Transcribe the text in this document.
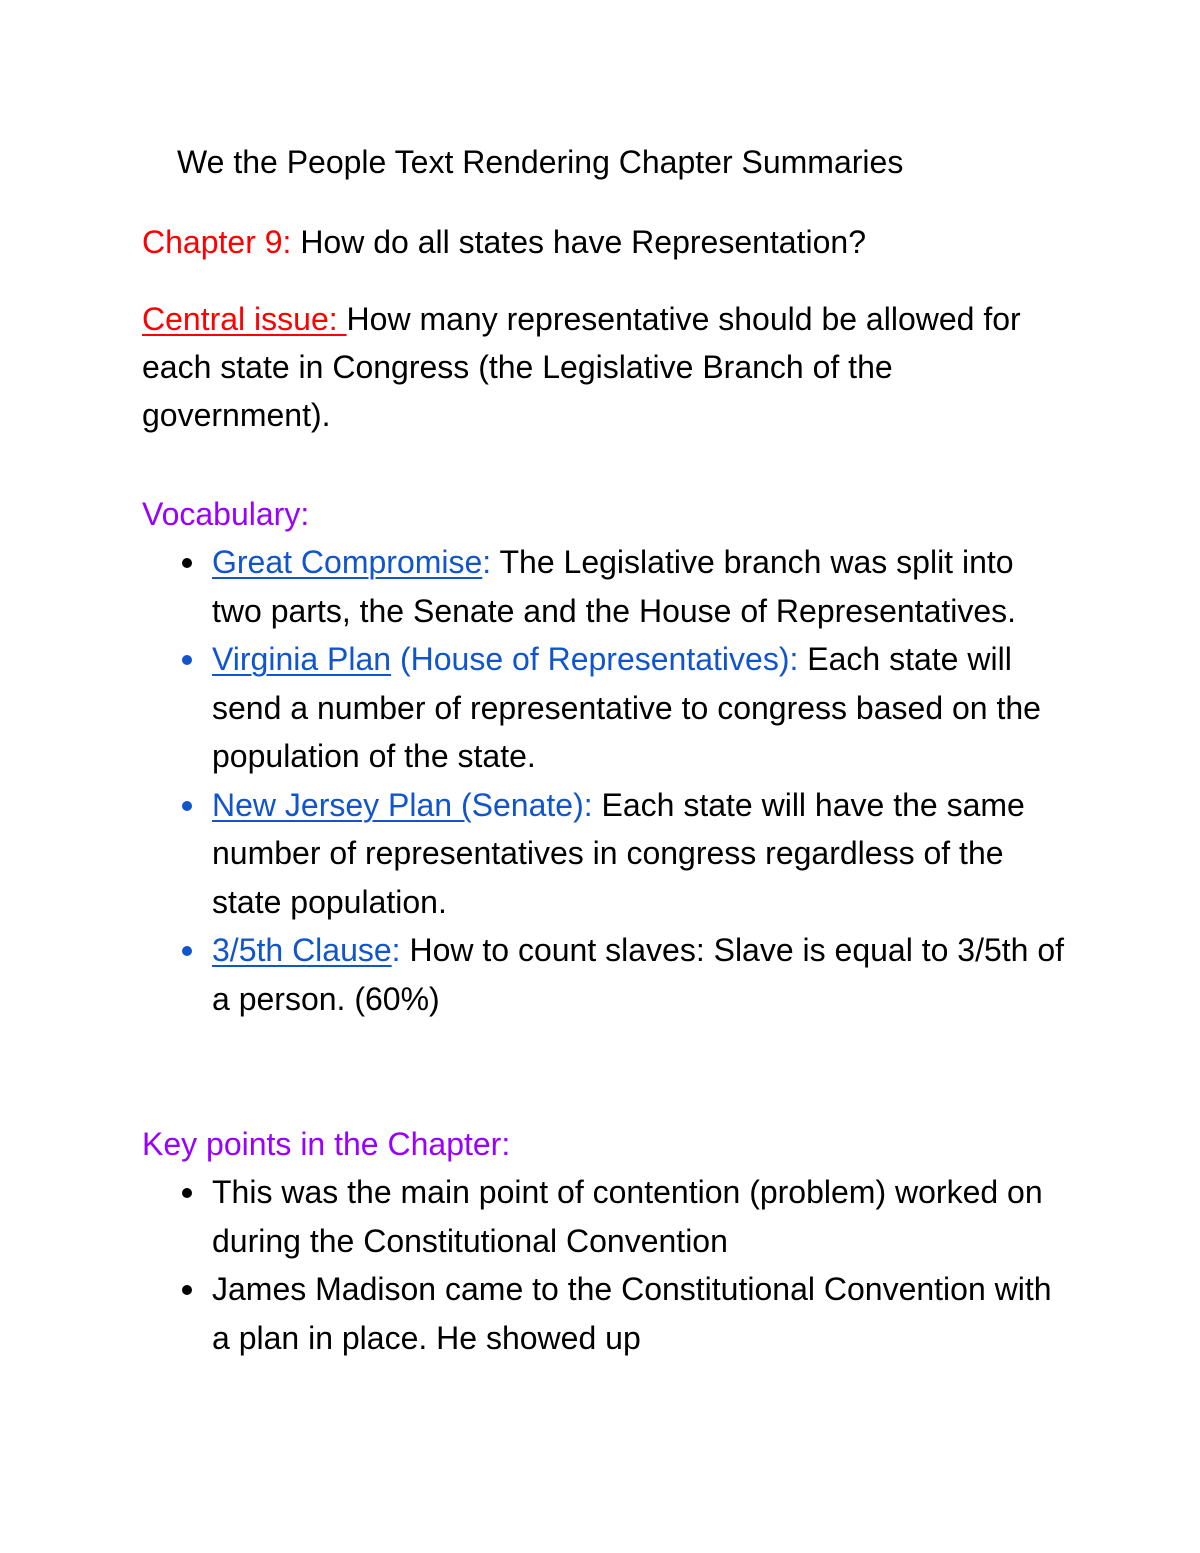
We the People Text Rendering Chapter Summaries
Chapter 9: How do all states have Representation?
Central issue: How many representative should be allowed for each state in Congress (the Legislative Branch of the government).
Vocabulary:
Great Compromise: The Legislative branch was split into two parts, the Senate and the House of Representatives.
Virginia Plan (House of Representatives): Each state will send a number of representative to congress based on the population of the state.
New Jersey Plan (Senate): Each state will have the same number of representatives in congress regardless of the state population.
3/5th Clause: How to count slaves: Slave is equal to 3/5th of a person. (60%)
Key points in the Chapter:
This was the main point of contention (problem) worked on during the Constitutional Convention
James Madison came to the Constitutional Convention with a plan in place. He showed up
